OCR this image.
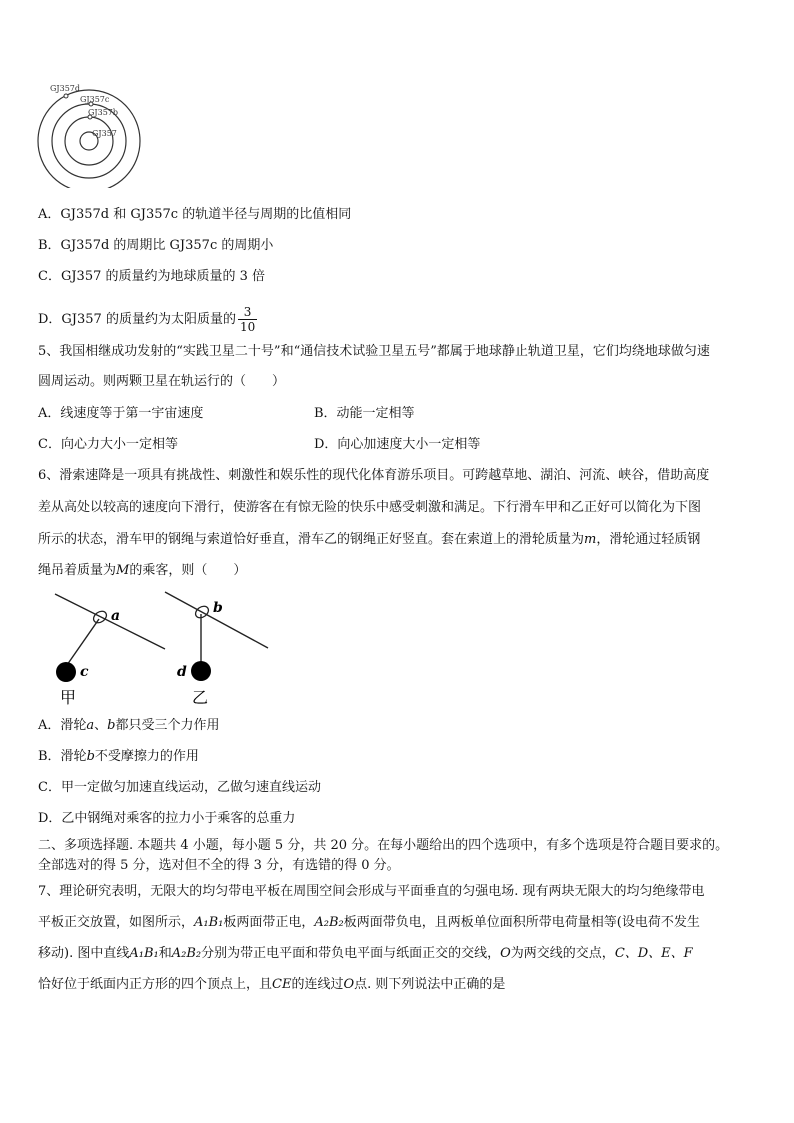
GJ357d
GJ357c
GJ357b
GJ357
A．GJ357d 和 GJ357c 的轨道半径与周期的比值相同
B．GJ357d 的周期比 GJ357c 的周期小
C．GJ357 的质量约为地球质量的 3 倍
D．GJ357 的质量约为太阳质量的 $\frac{3}{10}$
5、我国相继成功发射的“实践卫星二十号”和“通信技术试验卫星五号”都属于地球静止轨道卫星，它们均绕地球做匀速
圆周运动。则两颗卫星在轨运行的（　　）
A．线速度等于第一宇宙速度	B．动能一定相等
C．向心力大小一定相等	D．向心加速度大小一定相等
6、滑索速降是一项具有挑战性、刺激性和娱乐性的现代化体育游乐项目。可跨越草地、湖泊、河流、峡谷，借助高度
差从高处以较高的速度向下滑行，使游客在有惊无险的快乐中感受刺激和满足。下行滑车甲和乙正好可以简化为下图
所示的状态，滑车甲的钢绳与索道恰好垂直，滑车乙的钢绳正好竖直。套在索道上的滑轮质量为m，滑轮通过轻质钢
绳吊着质量为M的乘客，则（　　）
a
c
甲
b
d
乙
A．滑轮a、b都只受三个力作用
B．滑轮b不受摩擦力的作用
C．甲一定做匀加速直线运动，乙做匀速直线运动
D．乙中钢绳对乘客的拉力小于乘客的总重力
二、多项选择题. 本题共 4 小题，每小题 5 分，共 20 分。在每小题给出的四个选项中，有多个选项是符合题目要求的。
全部选对的得 5 分，选对但不全的得 3 分，有选错的得 0 分。
7、理论研究表明，无限大的均匀带电平板在周围空间会形成与平面垂直的匀强电场. 现有两块无限大的均匀绝缘带电
平板正交放置，如图所示，A₁B₁板两面带正电，A₂B₂板两面带负电，且两板单位面积所带电荷量相等(设电荷不发生
移动). 图中直线A₁B₁和A₂B₂分别为带正电平面和带负电平面与纸面正交的交线，O为两交线的交点，C、D、E、F
恰好位于纸面内正方形的四个顶点上，且CE的连线过O点. 则下列说法中正确的是
